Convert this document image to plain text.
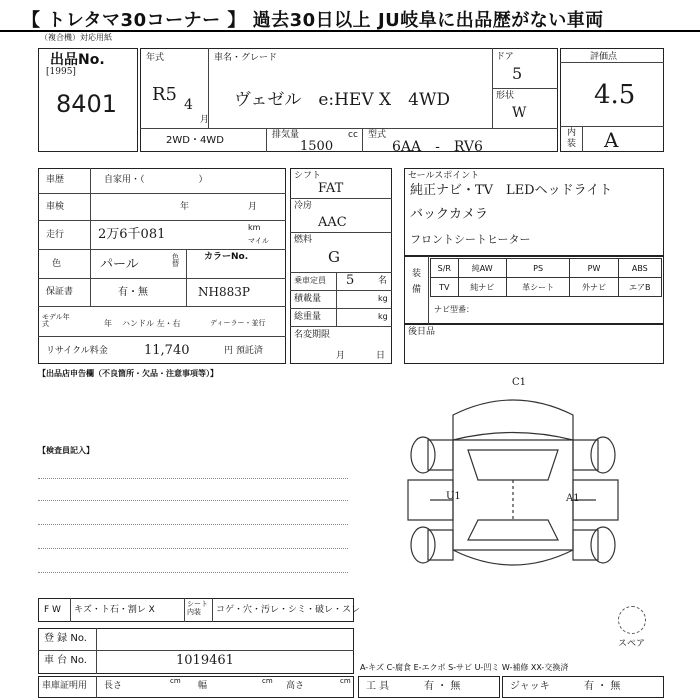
【 トレタマ30コーナー 】 過去30日以上 JU岐阜に出品歴がない車両
（複合機）対応用紙
出品No.
[1995]
8401
年式
R5 4
月
車名・グレード
ヴェゼル　e:HEV X　4WD
ドア
5
形状
W
2WD・4WD	排気量	cc
1500
型式
6AA　-　RV6
評価点
4.5
内
装 A
車歴	自家用・（　　　　　　）
車検	年	月
走行	2万6千081	km
マイル
色	パール	色替
カラーNo.
NH883P
保証書	有・無
モデル年式	年 ハンドル 左・右	ディーラー・並行
リサイクル料金	11,740	円 預託済
シフト
FAT
冷房
AAC
燃料
G
乗車定員 5	名
積載量	kg
総重量	kg
名変期限
月	日
セールスポイント
純正ナビ・TV　LEDヘッドライト
バックカメラ
フロントシートヒーター
装
備
S/R	純AW	PS	PW	ABS
TV	純ナビ	革シート	外ナビ	エアB
ナビ型番：
後日品
【出品店申告欄（不良箇所・欠品・注意事項等）】
【検査員記入】
C1
U1	A1
スペア
F W キズ・ト石・割レ X
シート内装	コゲ・穴・汚レ・シミ・破レ・スレ
登 録 No.
車 台 No.	1019461
車庫証明用 長さ	cm 幅	cm 高さ	cm
A-キズ C-腐食 E-エクボ S-サビ U-凹ミ W-補修 XX-交換済
工 具	有 ・ 無	ジャッキ	有 ・ 無
